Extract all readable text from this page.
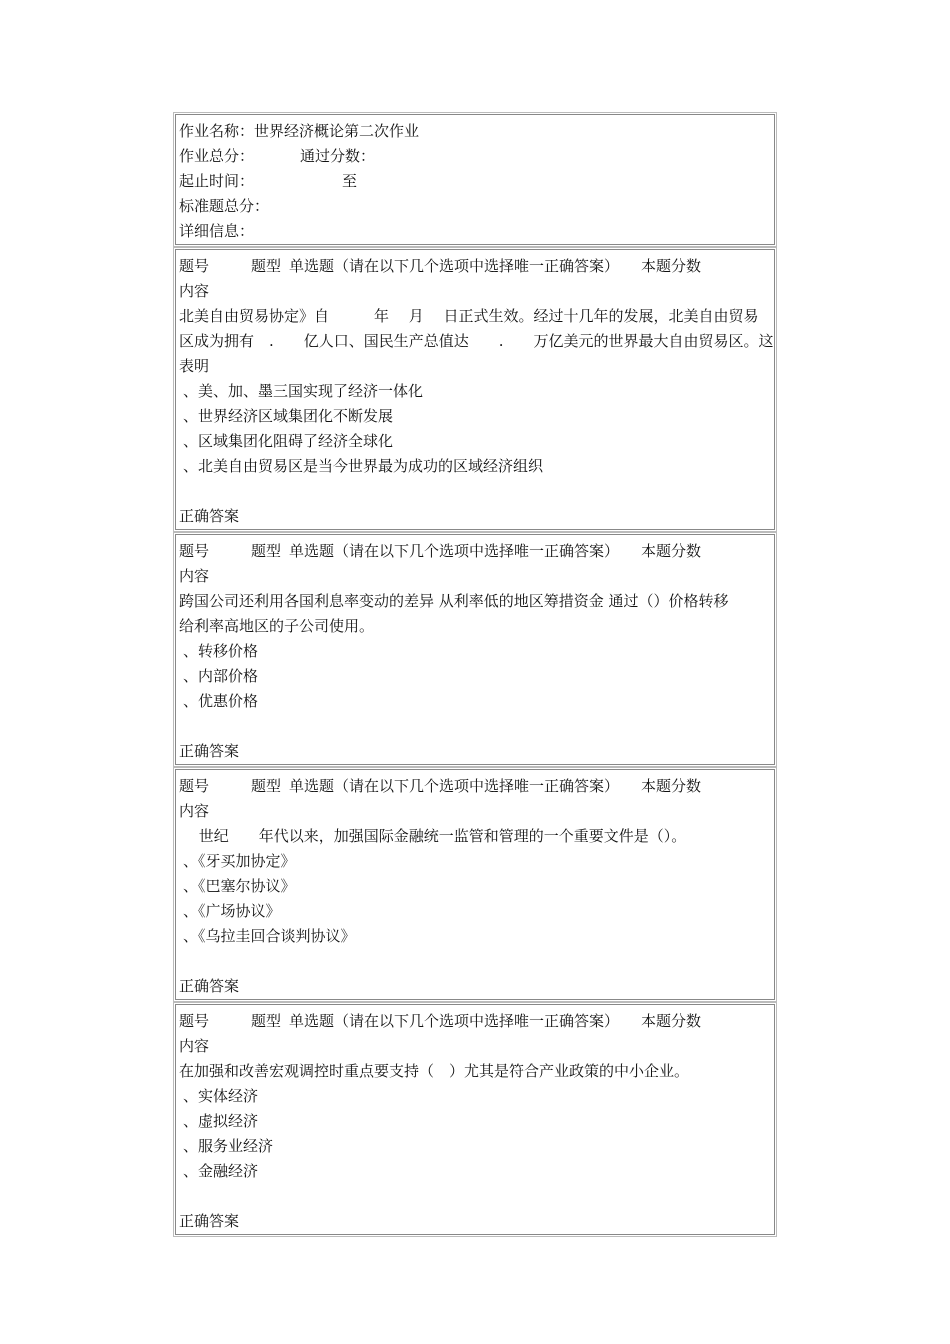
作业名称：世界经济概论第二次作业
作业总分：	通过分数：
起止时间：	至
标准题总分：
详细信息：
题号	题型 单选题（请在以下几个选项中选择唯一正确答案） 本题分数
内容
北美自由贸易协定》自　　　年　 月　 日正式生效。经过十几年的发展，北美自由贸易
区成为拥有　.　　亿人口、国民生产总值达　　.　　万亿美元的世界最大自由贸易区。这
表明
、美、加、墨三国实现了经济一体化
、世界经济区域集团化不断发展
、区域集团化阻碍了经济全球化
、北美自由贸易区是当今世界最为成功的区域经济组织
正确答案
题号	题型 单选题（请在以下几个选项中选择唯一正确答案） 本题分数
内容
跨国公司还利用各国利息率变动的差异 从利率低的地区筹措资金 通过（）价格转移
给利率高地区的子公司使用。
、转移价格
、内部价格
、优惠价格
正确答案
题号	题型 单选题（请在以下几个选项中选择唯一正确答案） 本题分数
内容
　 世纪　　年代以来，加强国际金融统一监管和管理的一个重要文件是（）。
、《牙买加协定》
、《巴塞尔协议》
、《广场协议》
、《乌拉圭回合谈判协议》
正确答案
题号	题型 单选题（请在以下几个选项中选择唯一正确答案） 本题分数
内容
在加强和改善宏观调控时重点要支持（　）尤其是符合产业政策的中小企业。
、实体经济
、虚拟经济
、服务业经济
、金融经济
正确答案
